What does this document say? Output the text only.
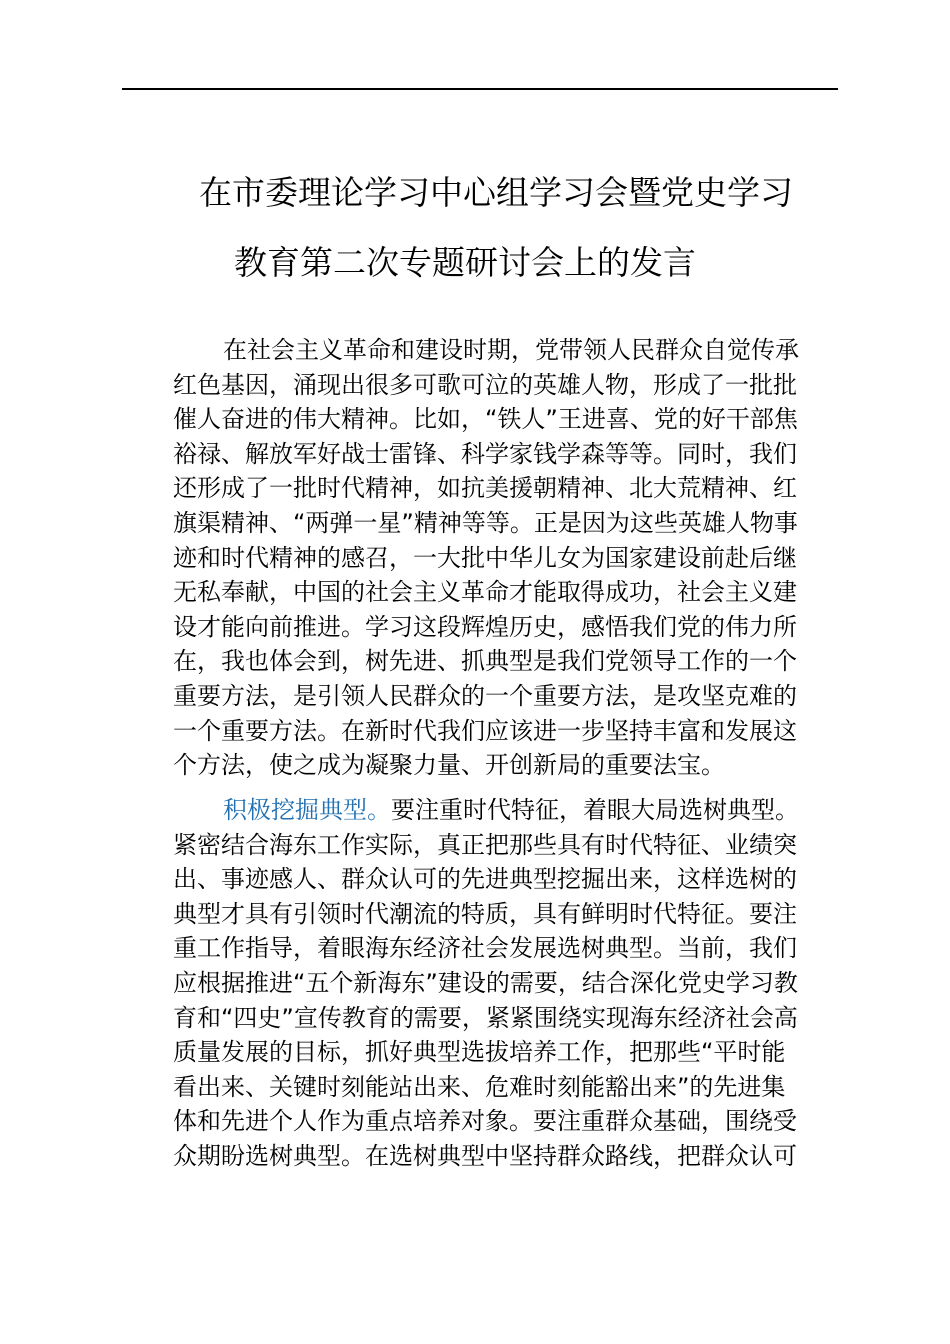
在市委理论学习中心组学习会暨党史学习
教育第二次专题研讨会上的发言
在社会主义革命和建设时期，党带领人民群众自觉传承
红色基因，涌现出很多可歌可泣的英雄人物，形成了一批批
催人奋进的伟大精神。比如，“铁人”王进喜、党的好干部焦
裕禄、解放军好战士雷锋、科学家钱学森等等。同时，我们
还形成了一批时代精神，如抗美援朝精神、北大荒精神、红
旗渠精神、“两弹一星”精神等等。正是因为这些英雄人物事
迹和时代精神的感召，一大批中华儿女为国家建设前赴后继
无私奉献，中国的社会主义革命才能取得成功，社会主义建
设才能向前推进。学习这段辉煌历史，感悟我们党的伟力所
在，我也体会到，树先进、抓典型是我们党领导工作的一个
重要方法，是引领人民群众的一个重要方法，是攻坚克难的
一个重要方法。在新时代我们应该进一步坚持丰富和发展这
个方法，使之成为凝聚力量、开创新局的重要法宝。
积极挖掘典型。要注重时代特征，着眼大局选树典型。
紧密结合海东工作实际，真正把那些具有时代特征、业绩突
出、事迹感人、群众认可的先进典型挖掘出来，这样选树的
典型才具有引领时代潮流的特质，具有鲜明时代特征。要注
重工作指导，着眼海东经济社会发展选树典型。当前，我们
应根据推进“五个新海东”建设的需要，结合深化党史学习教
育和“四史”宣传教育的需要，紧紧围绕实现海东经济社会高
质量发展的目标，抓好典型选拔培养工作，把那些“平时能
看出来、关键时刻能站出来、危难时刻能豁出来”的先进集
体和先进个人作为重点培养对象。要注重群众基础，围绕受
众期盼选树典型。在选树典型中坚持群众路线，把群众认可
